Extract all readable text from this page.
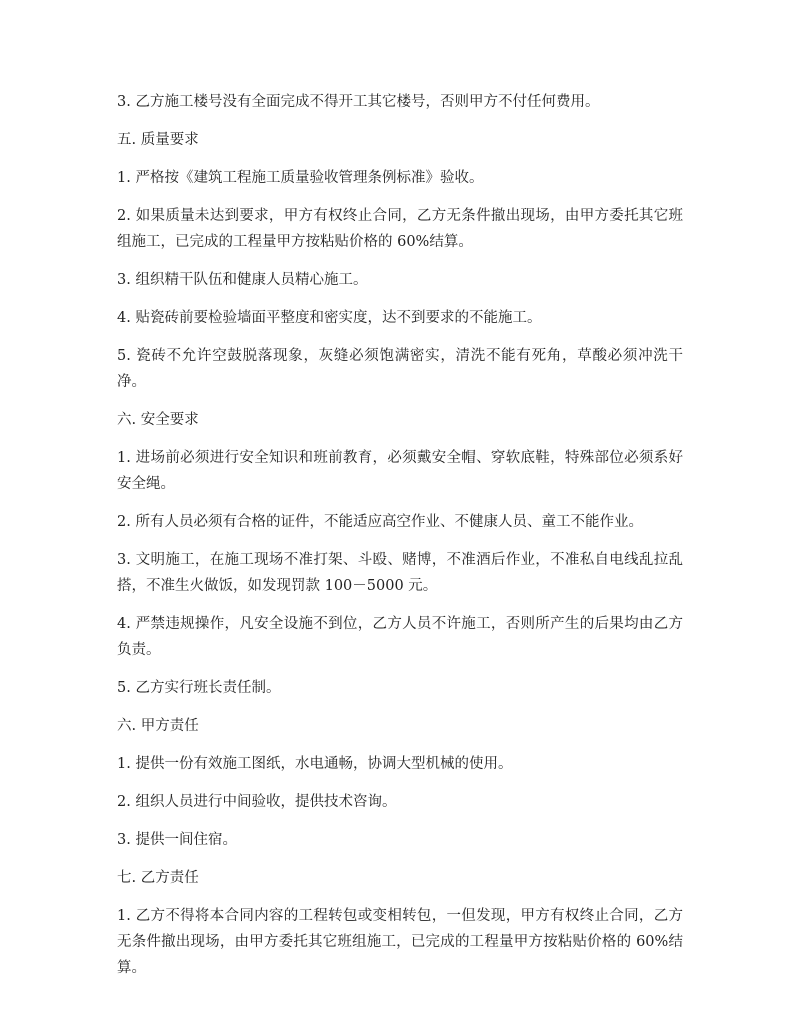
3. 乙方施工楼号没有全面完成不得开工其它楼号，否则甲方不付任何费用。

五. 质量要求

1. 严格按《建筑工程施工质量验收管理条例标准》验收。

2. 如果质量未达到要求，甲方有权终止合同，乙方无条件撤出现场，由甲方委托其它班组施工，已完成的工程量甲方按粘贴价格的 60%结算。

3. 组织精干队伍和健康人员精心施工。

4. 贴瓷砖前要检验墙面平整度和密实度，达不到要求的不能施工。

5. 瓷砖不允许空鼓脱落现象，灰缝必须饱满密实，清洗不能有死角，草酸必须冲洗干净。

六. 安全要求

1. 进场前必须进行安全知识和班前教育，必须戴安全帽、穿软底鞋，特殊部位必须系好安全绳。

2. 所有人员必须有合格的证件，不能适应高空作业、不健康人员、童工不能作业。

3. 文明施工，在施工现场不准打架、斗殴、赌博，不准酒后作业，不准私自电线乱拉乱搭，不准生火做饭，如发现罚款 100－5000 元。

4. 严禁违规操作，凡安全设施不到位，乙方人员不许施工，否则所产生的后果均由乙方负责。

5. 乙方实行班长责任制。

六. 甲方责任

1. 提供一份有效施工图纸，水电通畅，协调大型机械的使用。

2. 组织人员进行中间验收，提供技术咨询。

3. 提供一间住宿。

七. 乙方责任

1. 乙方不得将本合同内容的工程转包或变相转包，一但发现，甲方有权终止合同，乙方无条件撤出现场，由甲方委托其它班组施工，已完成的工程量甲方按粘贴价格的 60%结算。
